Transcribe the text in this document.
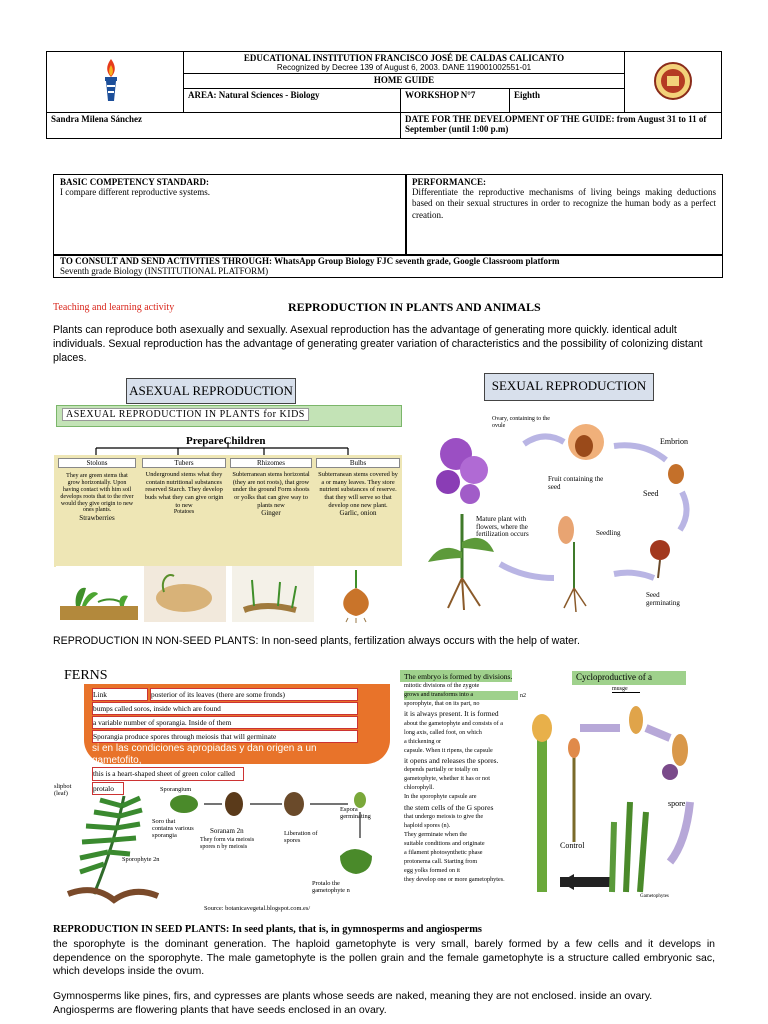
EDUCATIONAL INSTITUTION FRANCISCO JOSÉ DE CALDAS CALICANTO
Recognized by Decree 139 of August 6, 2003. DANE 119001002551-01

	HOME GUIDE			
	AREA: Natural Sciences - Biology	WORKSHOP N°7	Eighth	
Sandra Milena Sánchez		DATE FOR THE DEVELOPMENT OF THE GUIDE: from August 31 to 11 of September (until 1:00 p.m)		
BASIC COMPETENCY STANDARD:
I compare different reproductive systems.
PERFORMANCE:
Differentiate the reproductive mechanisms of living beings making deductions based on their sexual structures in order to recognize the human body as a perfect creation.
TO CONSULT AND SEND ACTIVITIES THROUGH: WhatsApp Group Biology FJC seventh grade, Google Classroom platform
Seventh grade Biology (INSTITUTIONAL PLATFORM)
Teaching and learning activity	REPRODUCTION IN PLANTS AND ANIMALS
Plants can reproduce both asexually and sexually. Asexual reproduction has the advantage of generating more quickly. identical adult individuals. Sexual reproduction has the advantage of generating greater variation of characteristics and the possibility of colonizing distant places.
ASEXUAL REPRODUCTION
ASEXUAL REPRODUCTION IN PLANTS for KIDS
PrepareChildren
Stolons
They are green stems that grow horizontally. Upon having contact with him soil develops roots that to the river would they give origin to new ones plants.
Strawberries
Tubers
Underground stems what they contain nutritional substances reserved Starch. They develop buds what they can give origin to new
Potatoes
Rhizomes
Subterranean stems horizontal (they are not roots), that grow under the ground Form shoots or yolks that can give way to plants new
Ginger
Bulbs
Subterranean stems covered by a or many leaves. They store nutrient substances of reserve. that they will serve so that develop one new plant.
Garlic, onion
SEXUAL REPRODUCTION
Ovary, containing to the ovule
Embrion
Fruit containing the seed
Seed
Mature plant with flowers, where the fertilization occurs	Seedling
Seed germinating
REPRODUCTION IN NON-SEED PLANTS: In non-seed plants, fertilization always occurs with the help of water.
FERNS
Link	posterior of its leaves (there are some fronds)
bumps called soros, inside which are found
a variable number of sporangia. Inside of them
Sporangia produce spores through meiosis that will germinate
si en las condiciones apropiadas y dan origen a un gametofito,
this is a heart-shaped sheet of green color called
protalo
slipbot (leaf)
Sporangium
Soro that contains various sporangia
Sporophyte 2n
Soranam 2n
They form via meiosis spores n by meiosis
Liberation of spores
Espora germinating
Protalo the gametophyte n
Source: botanicavegetal.blogspot.com.es/
The embryo is formed by divisions.
mitotic divisions of the zygote
grows and transforms into a
sporophyte, that on its part, no
it is always present. It is formed
about the gametophyte and consists of a
long axis, called foot, on which
a thickening or
capsule. When it ripens, the capsule
it opens and releases the spores.
depends partially or totally on
gametophyte, whether it has or not
chlorophyll.
In the sporophyte capsule are
the stem cells of the G spores
that undergo meiosis to give the
haploid spores (n).
They germinate when the
suitable conditions and originate
a filament photosynthetic phase
protonema call. Starting from
egg yolks formed on it
they develop one or more gametophytes.
Cycloproductive of a
musge
n2
spore
Control
Gametophytes
REPRODUCTION IN SEED PLANTS: In seed plants, that is, in gymnosperms and angiosperms
the sporophyte is the dominant generation. The haploid gametophyte is very small, barely formed by a few cells and it develops in dependence on the sporophyte. The male gametophyte is the pollen grain and the female gametophyte is a structure called embryonic sac, which develops inside the ovum.
Gymnosperms like pines, firs, and cypresses are plants whose seeds are naked, meaning they are not enclosed. inside an ovary. Angiosperms are flowering plants that have seeds enclosed in an ovary.
